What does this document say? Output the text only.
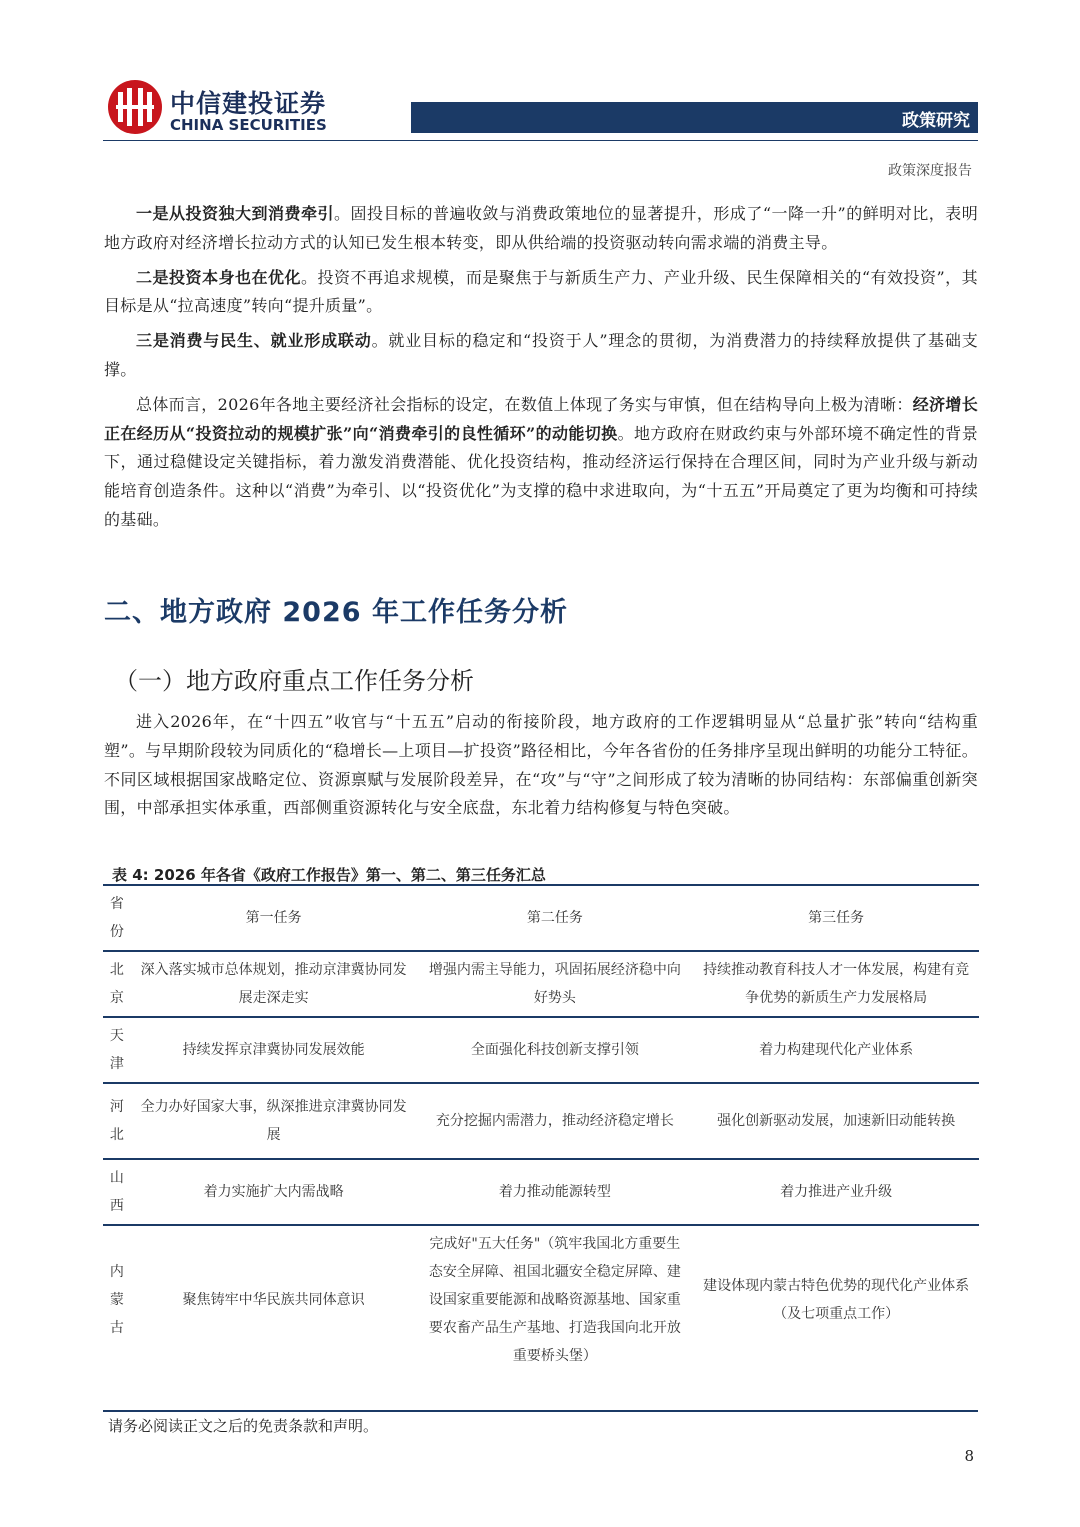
中信建投证券
CHINA SECURITIES	政策研究
政策深度报告

一是从投资独大到消费牵引。固投目标的普遍收敛与消费政策地位的显著提升，形成了“一降一升”的鲜明对比，表明地方政府对经济增长拉动方式的认知已发生根本转变，即从供给端的投资驱动转向需求端的消费主导。

二是投资本身也在优化。投资不再追求规模，而是聚焦于与新质生产力、产业升级、民生保障相关的“有效投资”，其目标是从“拉高速度”转向“提升质量”。

三是消费与民生、就业形成联动。就业目标的稳定和“投资于人”理念的贯彻，为消费潜力的持续释放提供了基础支撑。

总体而言，2026年各地主要经济社会指标的设定，在数值上体现了务实与审慎，但在结构导向上极为清晰：经济增长正在经历从“投资拉动的规模扩张”向“消费牵引的良性循环”的动能切换。地方政府在财政约束与外部环境不确定性的背景下，通过稳健设定关键指标，着力激发消费潜能、优化投资结构，推动经济运行保持在合理区间，同时为产业升级与新动能培育创造条件。这种以“消费”为牵引、以“投资优化”为支撑的稳中求进取向，为“十五五”开局奠定了更为均衡和可持续的基础。

二、地方政府 2026 年工作任务分析
（一）地方政府重点工作任务分析

进入2026年，在“十四五”收官与“十五五”启动的衔接阶段，地方政府的工作逻辑明显从“总量扩张”转向“结构重塑”。与早期阶段较为同质化的“稳增长—上项目—扩投资”路径相比，今年各省份的任务排序呈现出鲜明的功能分工特征。不同区域根据国家战略定位、资源禀赋与发展阶段差异，在“攻”与“守”之间形成了较为清晰的协同结构：东部偏重创新突围，中部承担实体承重，西部侧重资源转化与安全底盘，东北着力结构修复与特色突破。

表 4: 2026 年各省《政府工作报告》第一、第二、第三任务汇总
省份	第一任务	第二任务	第三任务
北京	深入落实城市总体规划，推动京津冀协同发展走深走实	增强内需主导能力，巩固拓展经济稳中向好势头	持续推动教育科技人才一体发展，构建有竞争优势的新质生产力发展格局
天津	持续发挥京津冀协同发展效能	全面强化科技创新支撑引领	着力构建现代化产业体系
河北	全力办好国家大事，纵深推进京津冀协同发展	充分挖掘内需潜力，推动经济稳定增长	强化创新驱动发展，加速新旧动能转换
山西	着力实施扩大内需战略	着力推动能源转型	着力推进产业升级
内蒙古	聚焦铸牢中华民族共同体意识	完成好"五大任务"（筑牢我国北方重要生态安全屏障、祖国北疆安全稳定屏障、建设国家重要能源和战略资源基地、国家重要农畜产品生产基地、打造我国向北开放重要桥头堡）	建设体现内蒙古特色优势的现代化产业体系（及七项重点工作）
请务必阅读正文之后的免责条款和声明。
8
